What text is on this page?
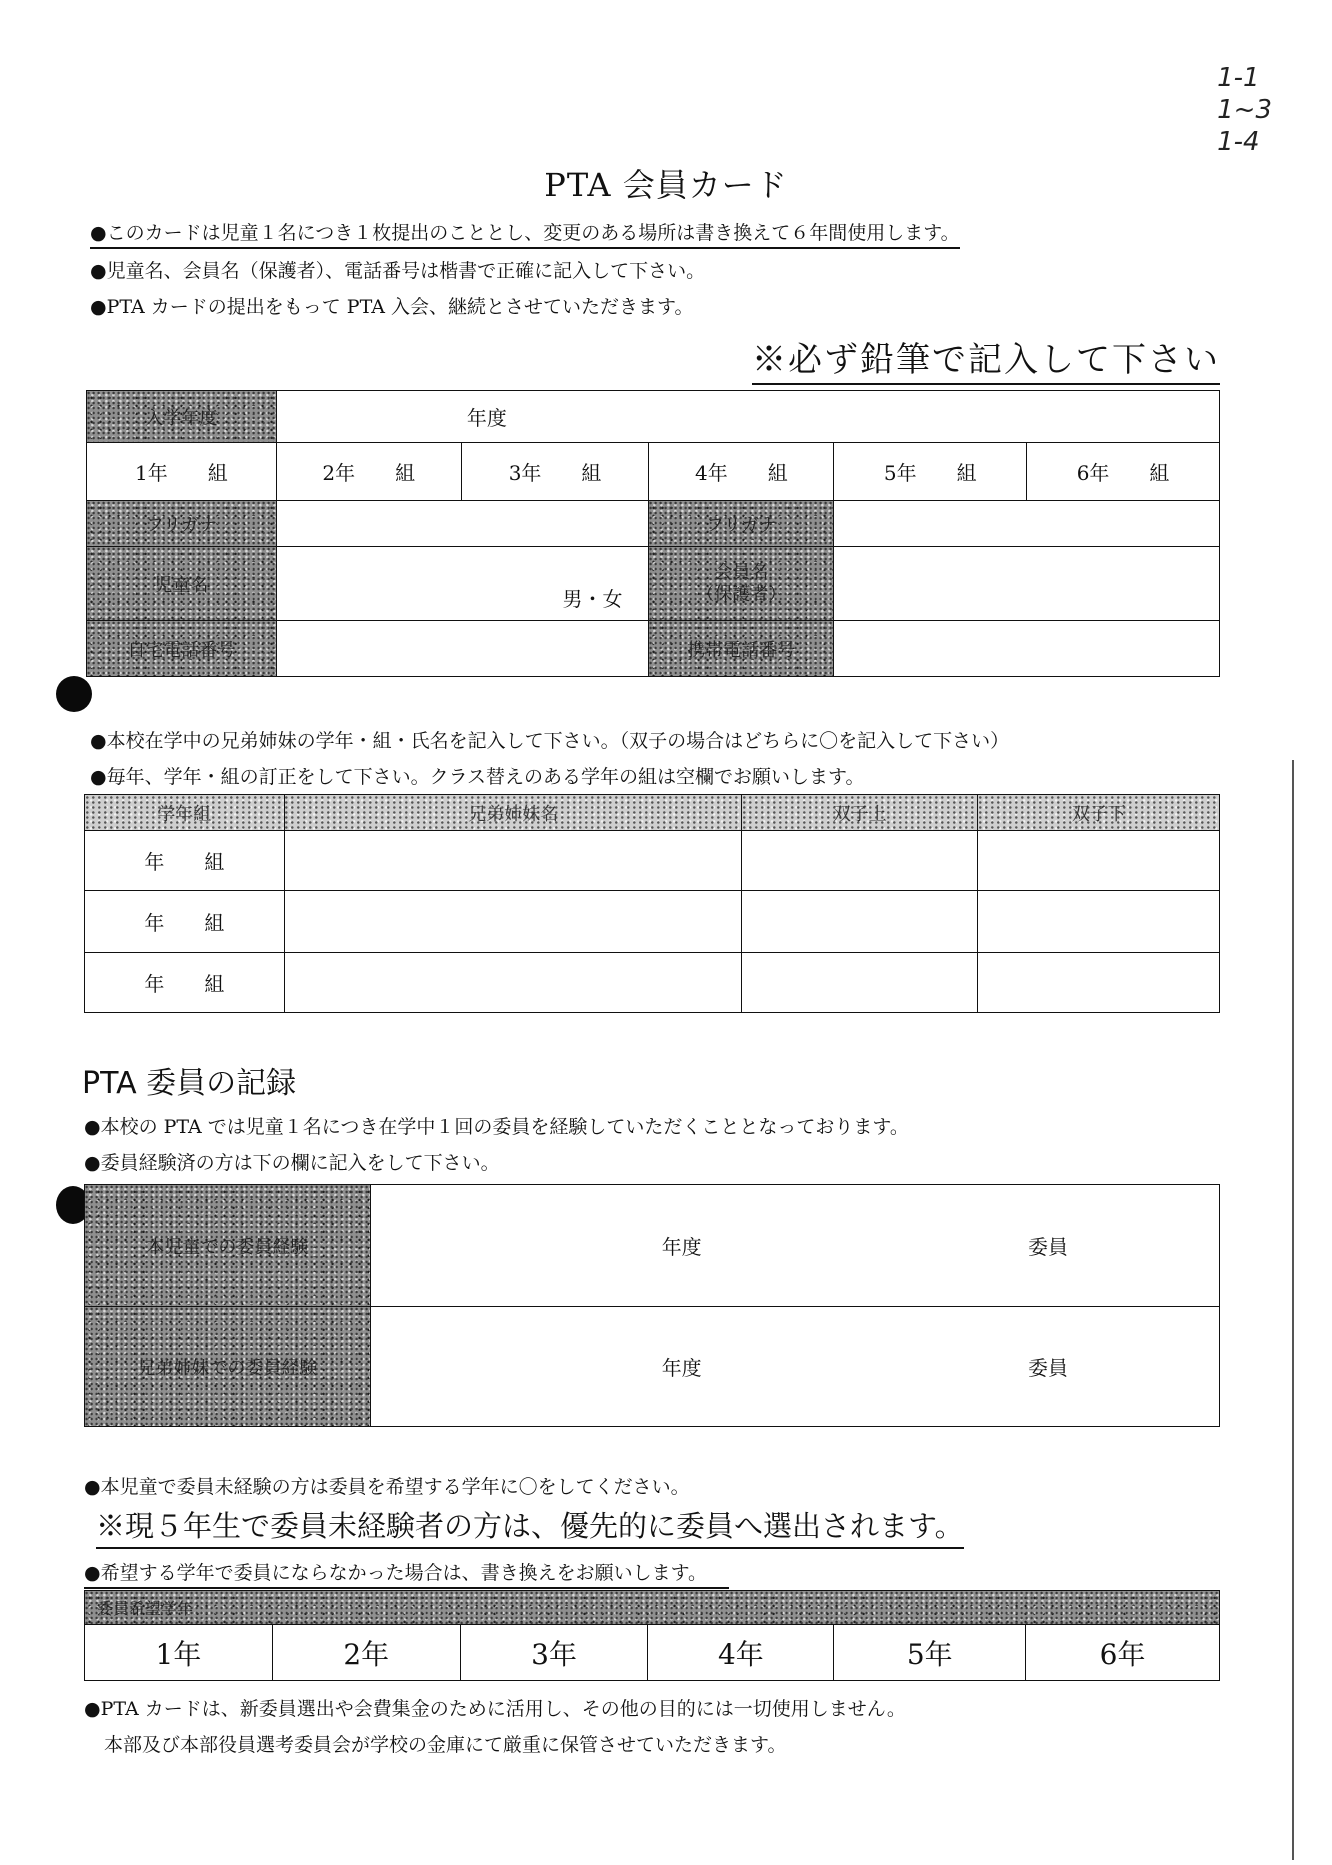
1-1
1~3
1-4
PTA 会員カード
●このカードは児童１名につき１枚提出のこととし、変更のある場所は書き換えて６年間使用します。
●児童名、会員名（保護者）、電話番号は楷書で正確に記入して下さい。
●PTA カードの提出をもって PTA 入会、継続とさせていただきます。
※必ず鉛筆で記入して下さい
入学年度	年度				
1年　　組	2年　　組	3年　　組	4年　　組	5年　　組	6年　　組
フリガナ			フリガナ		
児童名	男・女		会員名
（保護者）		
自宅電話番号			携帯電話番号		
●本校在学中の兄弟姉妹の学年・組・氏名を記入して下さい。（双子の場合はどちらに〇を記入して下さい）
●毎年、学年・組の訂正をして下さい。クラス替えのある学年の組は空欄でお願いします。
学年組	兄弟姉妹名	双子上	双子下
年　　組			
年　　組			
年　　組			
PTA 委員の記録
●本校の PTA では児童１名につき在学中１回の委員を経験していただくこととなっております。
●委員経験済の方は下の欄に記入をして下さい。
本児童での委員経験	年度 委員
兄弟姉妹での委員経験	年度 委員
●本児童で委員未経験の方は委員を希望する学年に〇をしてください。
※現５年生で委員未経験者の方は、優先的に委員へ選出されます。
●希望する学年で委員にならなかった場合は、書き換えをお願いします。
委員希望学年
1年	2年	3年	4年	5年	6年
●PTA カードは、新委員選出や会費集金のために活用し、その他の目的には一切使用しません。
本部及び本部役員選考委員会が学校の金庫にて厳重に保管させていただきます。
